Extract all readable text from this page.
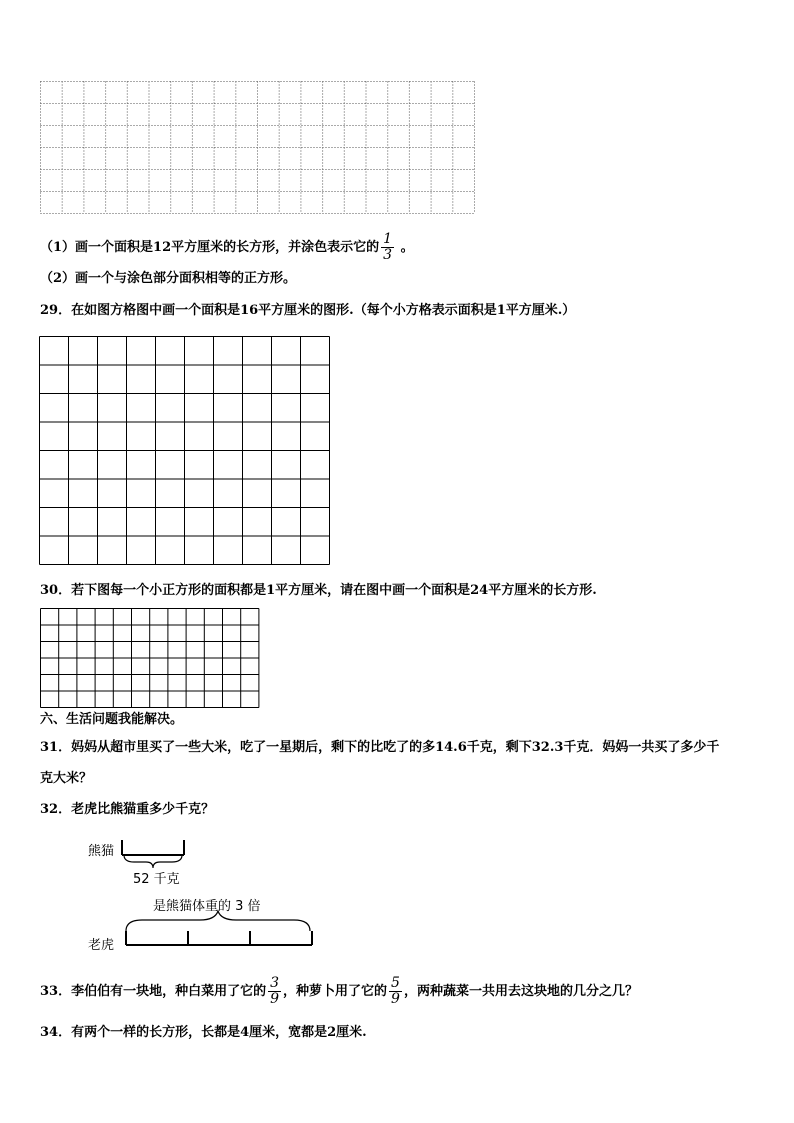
（1）画一个面积是12平方厘米的长方形，并涂色表示它的 $\frac{1}{3}$ 。
（2）画一个与涂色部分面积相等的正方形。
29．在如图方格图中画一个面积是16平方厘米的图形.（每个小方格表示面积是1平方厘米.）
30．若下图每一个小正方形的面积都是1平方厘米，请在图中画一个面积是24平方厘米的长方形.
六、生活问题我能解决。
31．妈妈从超市里买了一些大米，吃了一星期后，剩下的比吃了的多14.6千克，剩下32.3千克．妈妈一共买了多少千
克大米？
32．老虎比熊猫重多少千克？
熊猫
52 千克
是熊猫体重的 3 倍
老虎
33．李伯伯有一块地，种白菜用了它的 $\frac{3}{9}$ ，种萝卜用了它的 $\frac{5}{9}$ ，两种蔬菜一共用去这块地的几分之几？
34．有两个一样的长方形，长都是4厘米，宽都是2厘米.
